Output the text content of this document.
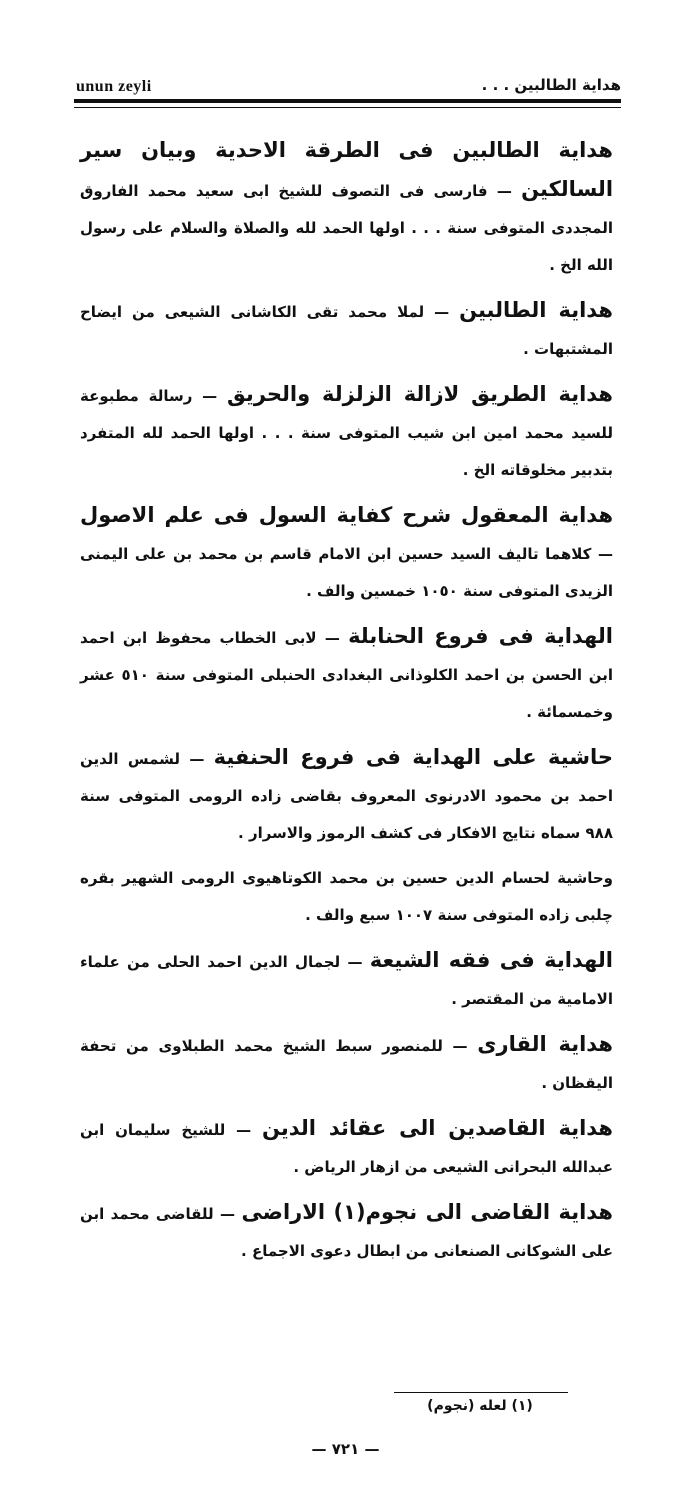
unun zeyli	هداية الطالبين . . .
هداية الطالبين فى الطرقة الاحدية وبيان سير السالكين — فارسى فى التصوف للشيخ ابى سعيد محمد الفاروق المجددى المتوفى سنة . . . اولها الحمد لله والصلاة والسلام على رسول الله الخ .
هداية الطالبين — لملا محمد تقى الكاشانى الشيعى من ايضاح المشتبهات .
هداية الطريق لازالة الزلزلة والحريق — رسالة مطبوعة للسيد محمد امين ابن شيب المتوفى سنة . . . اولها الحمد لله المتفرد بتدبير مخلوقاته الخ .
هداية المعقول شرح كفاية السول فى علم الاصول — كلاهما تاليف السيد حسين ابن الامام قاسم بن محمد بن على اليمنى الزيدى المتوفى سنة ١٠٥٠ خمسين والف .
الهداية فى فروع الحنابلة — لابى الخطاب محفوظ ابن احمد ابن الحسن بن احمد الكلوذانى البغدادى الحنبلى المتوفى سنة ٥١٠ عشر وخمسمائة .
حاشية على الهداية فى فروع الحنفية — لشمس الدين احمد بن محمود الادرنوى المعروف بقاضى زاده الرومى المتوفى سنة ٩٨٨ سماه نتايج الافكار فى كشف الرموز والاسرار .
وحاشية لحسام الدين حسين بن محمد الكوتاهيوى الرومى الشهير بقره چلبى زاده المتوفى سنة ١٠٠٧ سبع والف .
الهداية فى فقه الشيعة — لجمال الدين احمد الحلى من علماء الامامية من المقتصر .
هداية القارى — للمنصور سبط الشيخ محمد الطبلاوى من تحفة اليقظان .
هداية القاصدين الى عقائد الدين — للشيخ سليمان ابن عبدالله البحرانى الشيعى من ازهار الرياض .
هداية القاضى الى نجوم(١) الاراضى — للقاضى محمد ابن على الشوكانى الصنعانى من ابطال دعوى الاجماع .
(١) لعله (نجوم)
— ٧٢١ —
